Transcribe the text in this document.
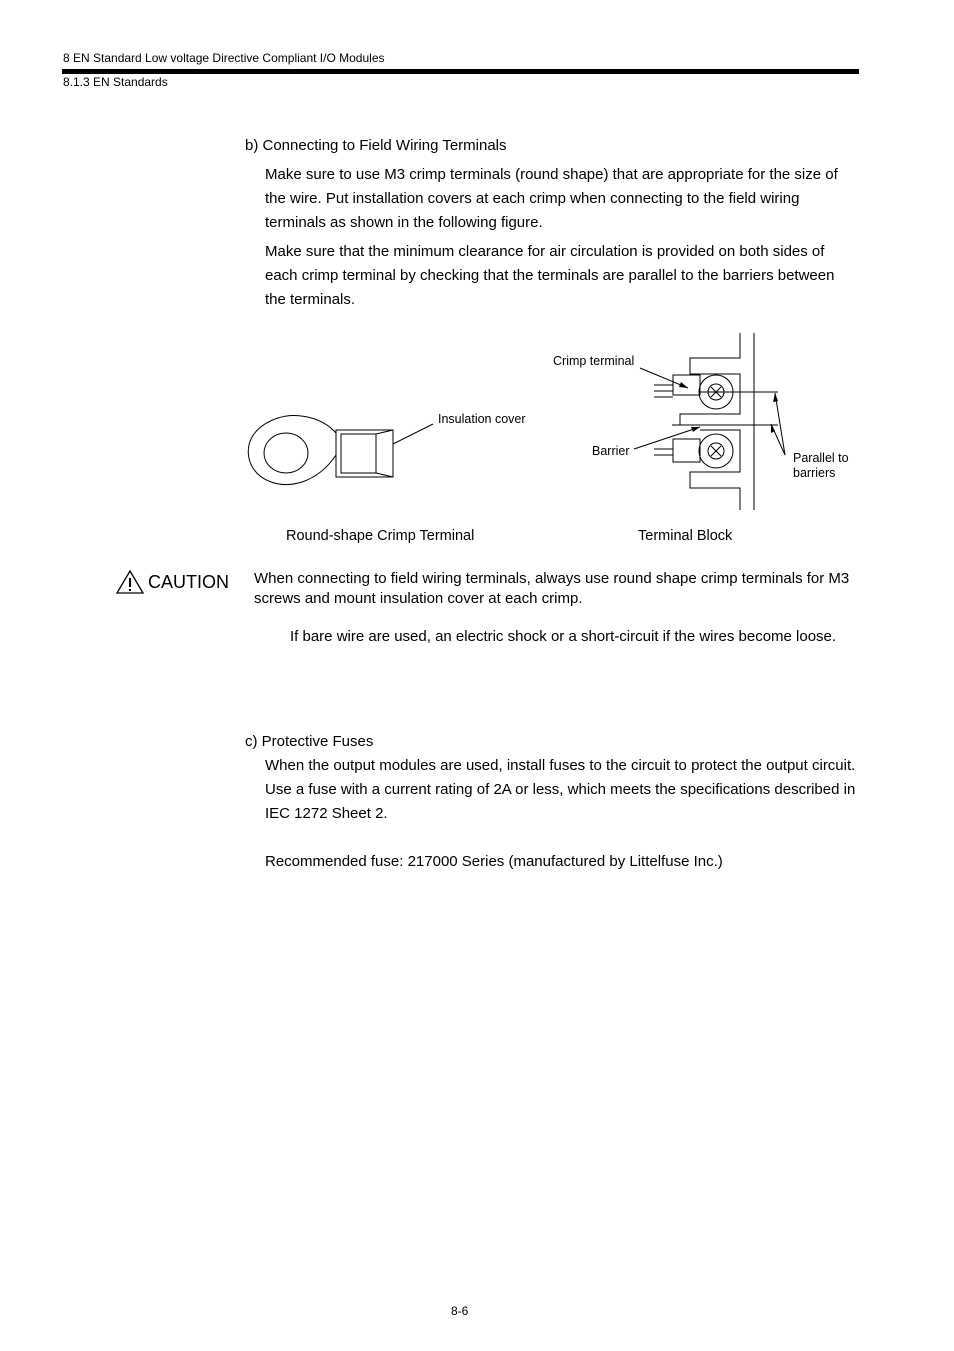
8 EN Standard Low voltage Directive Compliant I/O Modules
8.1.3 EN Standards
b) Connecting to Field Wiring Terminals
Make sure to use M3 crimp terminals (round shape) that are appropriate for the size of the wire. Put installation covers at each crimp when connecting to the field wiring terminals as shown in the following figure.
Make sure that the minimum clearance for air circulation is provided on both sides of each crimp terminal by checking that the terminals are parallel to the barriers between the terminals.
Insulation cover
Crimp terminal
Barrier	Parallel to
barriers
Round-shape Crimp Terminal	Terminal Block
CAUTION When connecting to field wiring terminals, always use round shape crimp terminals for M3 screws and mount insulation cover at each crimp.
If bare wire are used, an electric shock or a short-circuit if the wires become loose.
c) Protective Fuses
When the output modules are used, install fuses to the circuit to protect the output circuit. Use a fuse with a current rating of 2A or less, which meets the specifications described in IEC 1272 Sheet 2.
Recommended fuse: 217000 Series (manufactured by Littelfuse Inc.)
8-6
